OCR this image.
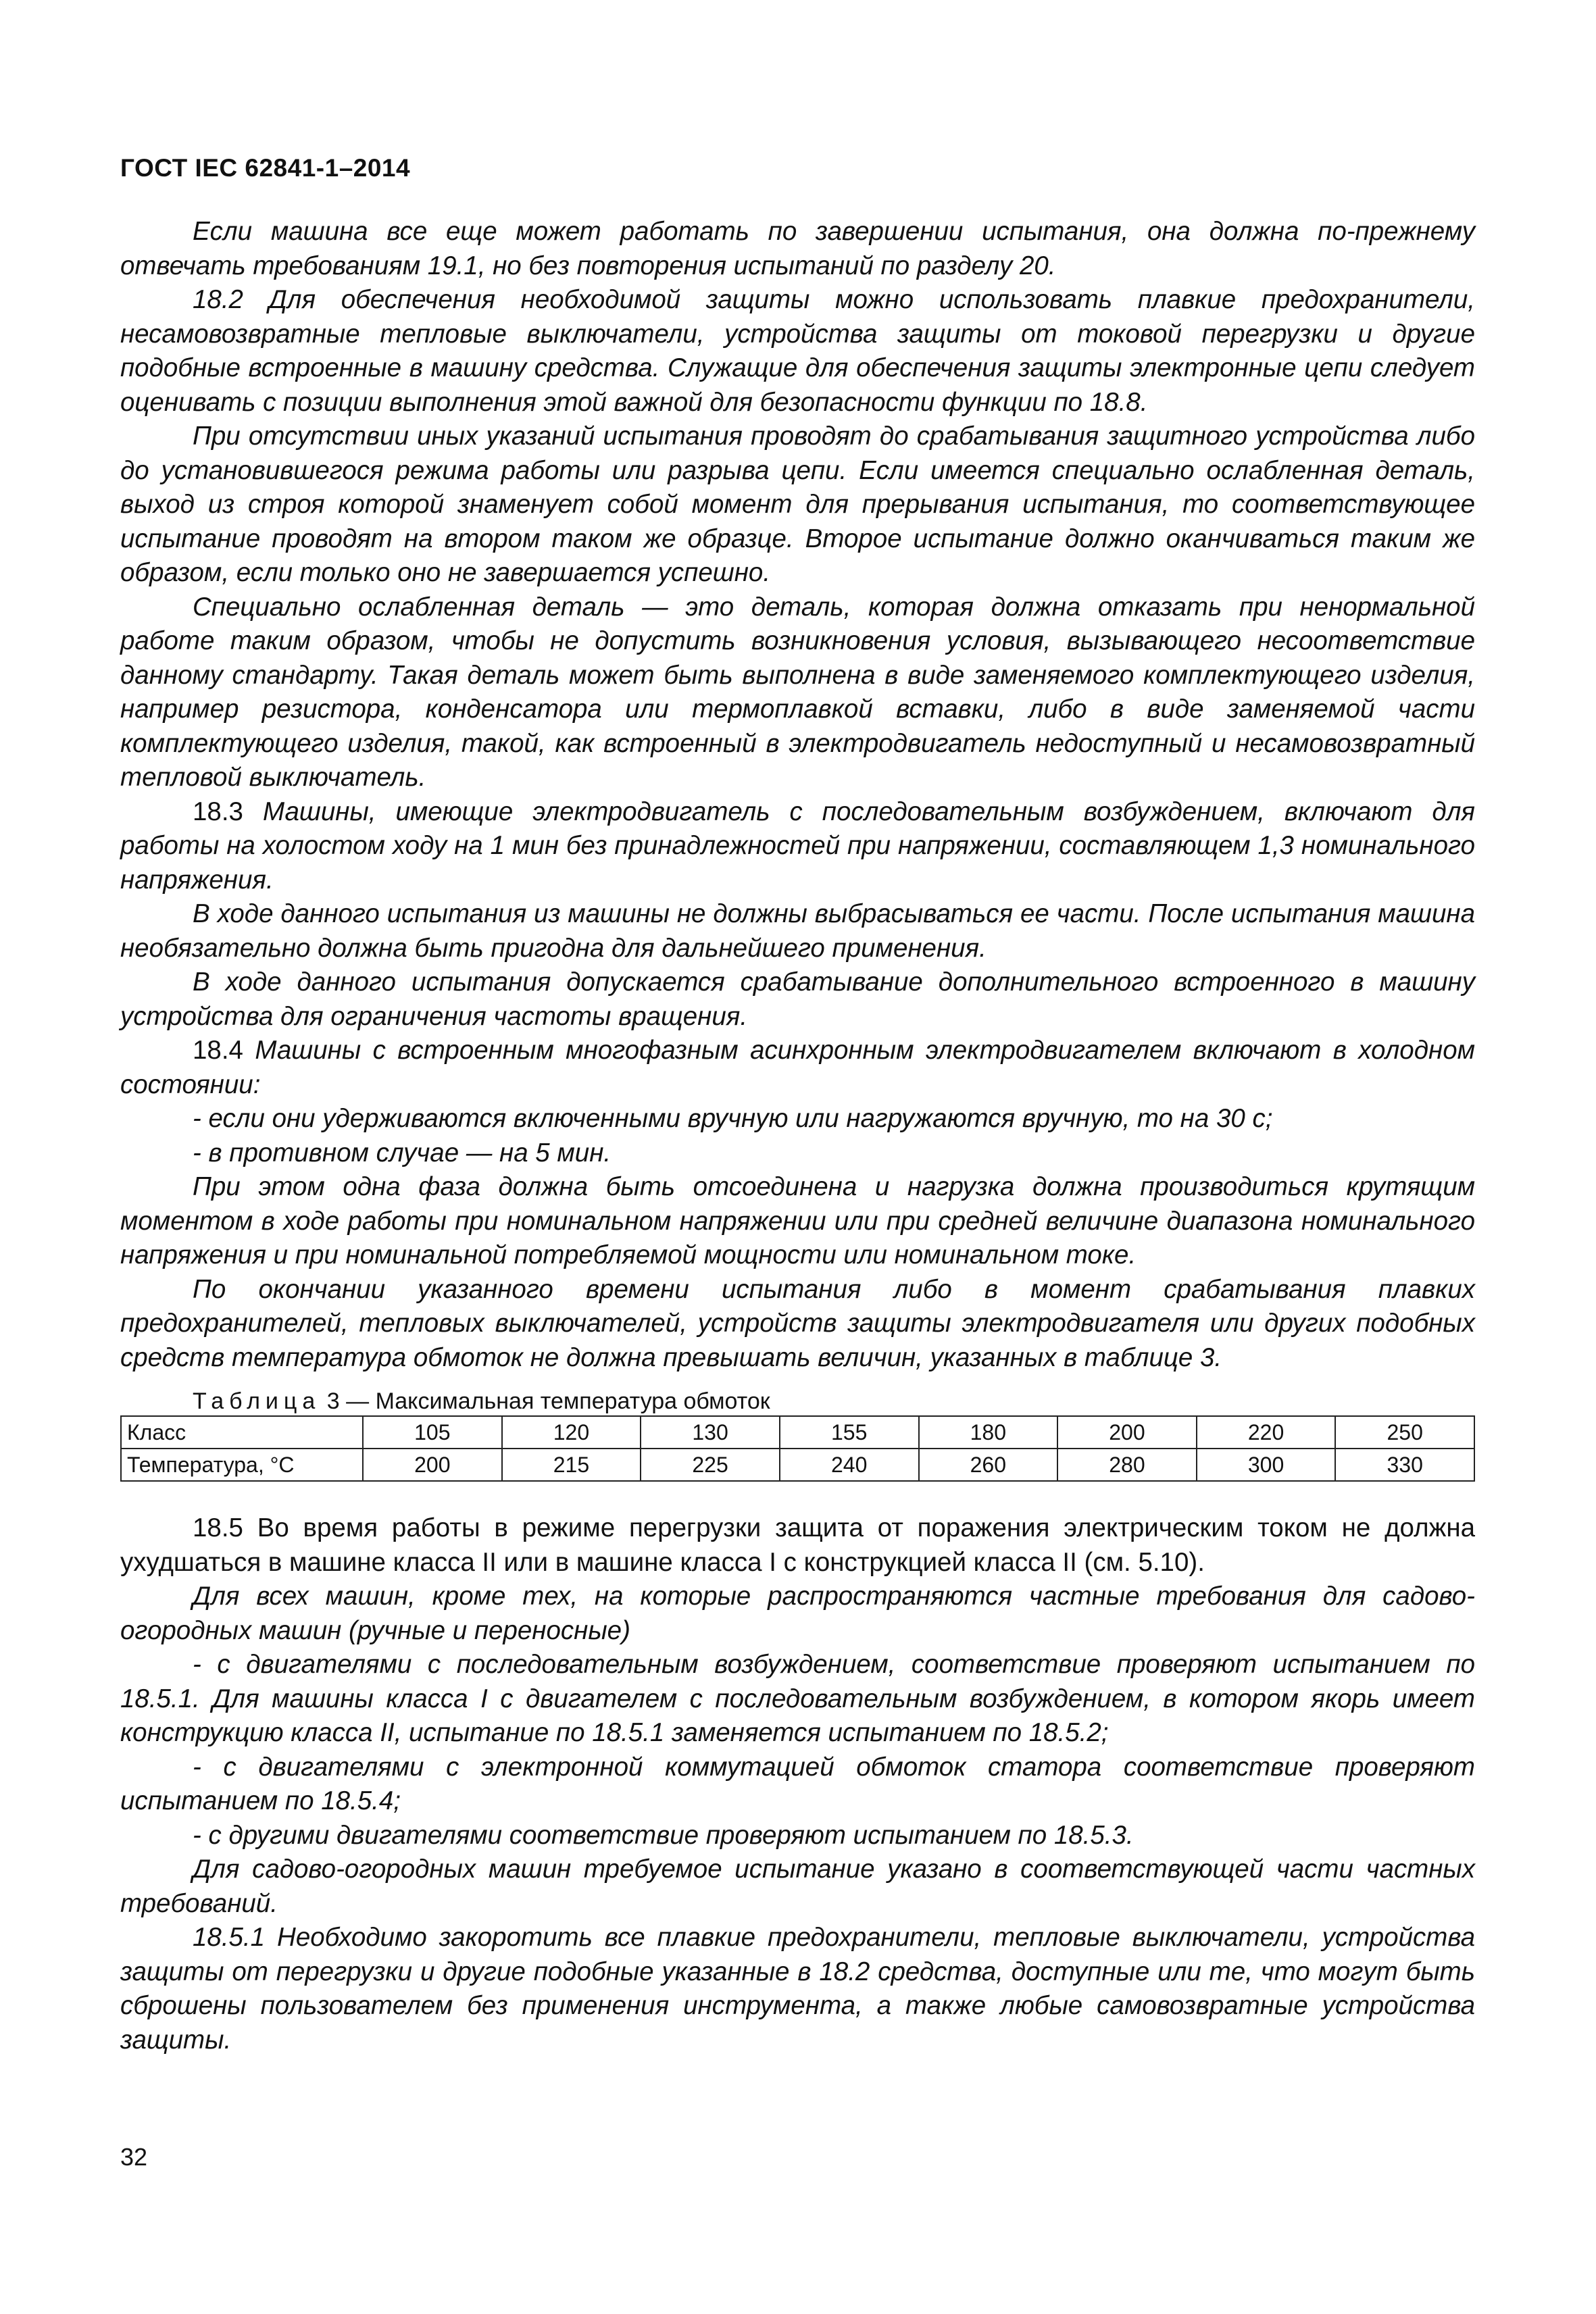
ГОСТ IEC 62841-1–2014

Если машина все еще может работать по завершении испытания, она должна по-прежнему отвечать требованиям 19.1, но без повторения испытаний по разделу 20.

18.2 Для обеспечения необходимой защиты можно использовать плавкие предохранители, несамовозвратные тепловые выключатели, устройства защиты от токовой перегрузки и другие подобные встроенные в машину средства. Служащие для обеспечения защиты электронные цепи следует оценивать с позиции выполнения этой важной для безопасности функции по 18.8.

При отсутствии иных указаний испытания проводят до срабатывания защитного устройства либо до установившегося режима работы или разрыва цепи. Если имеется специально ослабленная деталь, выход из строя которой знаменует собой момент для прерывания испытания, то соответствующее испытание проводят на втором таком же образце. Второе испытание должно оканчиваться таким же образом, если только оно не завершается успешно.

Специально ослабленная деталь — это деталь, которая должна отказать при ненормальной работе таким образом, чтобы не допустить возникновения условия, вызывающего несоответствие данному стандарту. Такая деталь может быть выполнена в виде заменяемого комплектующего изделия, например резистора, конденсатора или термоплавкой вставки, либо в виде заменяемой части комплектующего изделия, такой, как встроенный в электродвигатель недоступный и несамовозвратный тепловой выключатель.

18.3 Машины, имеющие электродвигатель с последовательным возбуждением, включают для работы на холостом ходу на 1 мин без принадлежностей при напряжении, составляющем 1,3 номинального напряжения.

В ходе данного испытания из машины не должны выбрасываться ее части. После испытания машина необязательно должна быть пригодна для дальнейшего применения.

В ходе данного испытания допускается срабатывание дополнительного встроенного в машину устройства для ограничения частоты вращения.

18.4 Машины с встроенным многофазным асинхронным электродвигателем включают в холодном состоянии:

- если они удерживаются включенными вручную или нагружаются вручную, то на 30 с;

- в противном случае — на 5 мин.

При этом одна фаза должна быть отсоединена и нагрузка должна производиться крутящим моментом в ходе работы при номинальном напряжении или при средней величине диапазона номинального напряжения и при номинальной потребляемой мощности или номинальном токе.

По окончании указанного времени испытания либо в момент срабатывания плавких предохранителей, тепловых выключателей, устройств защиты электродвигателя или других подобных средств температура обмоток не должна превышать величин, указанных в таблице 3.

Таблица 3 — Максимальная температура обмоток

Класс	105	120	130	155	180	200	220	250
Температура, °C	200	215	225	240	260	280	300	330

18.5 Во время работы в режиме перегрузки защита от поражения электрическим током не должна ухудшаться в машине класса II или в машине класса I с конструкцией класса II (см. 5.10).

Для всех машин, кроме тех, на которые распространяются частные требования для садово-огородных машин (ручные и переносные)

- с двигателями с последовательным возбуждением, соответствие проверяют испытанием по 18.5.1. Для машины класса I с двигателем с последовательным возбуждением, в котором якорь имеет конструкцию класса II, испытание по 18.5.1 заменяется испытанием по 18.5.2;

- с двигателями с электронной коммутацией обмоток статора соответствие проверяют испытанием по 18.5.4;

- с другими двигателями соответствие проверяют испытанием по 18.5.3.

Для садово-огородных машин требуемое испытание указано в соответствующей части частных требований.

18.5.1 Необходимо закоротить все плавкие предохранители, тепловые выключатели, устройства защиты от перегрузки и другие подобные указанные в 18.2 средства, доступные или те, что могут быть сброшены пользователем без применения инструмента, а также любые самовозвратные устройства защиты.

32
